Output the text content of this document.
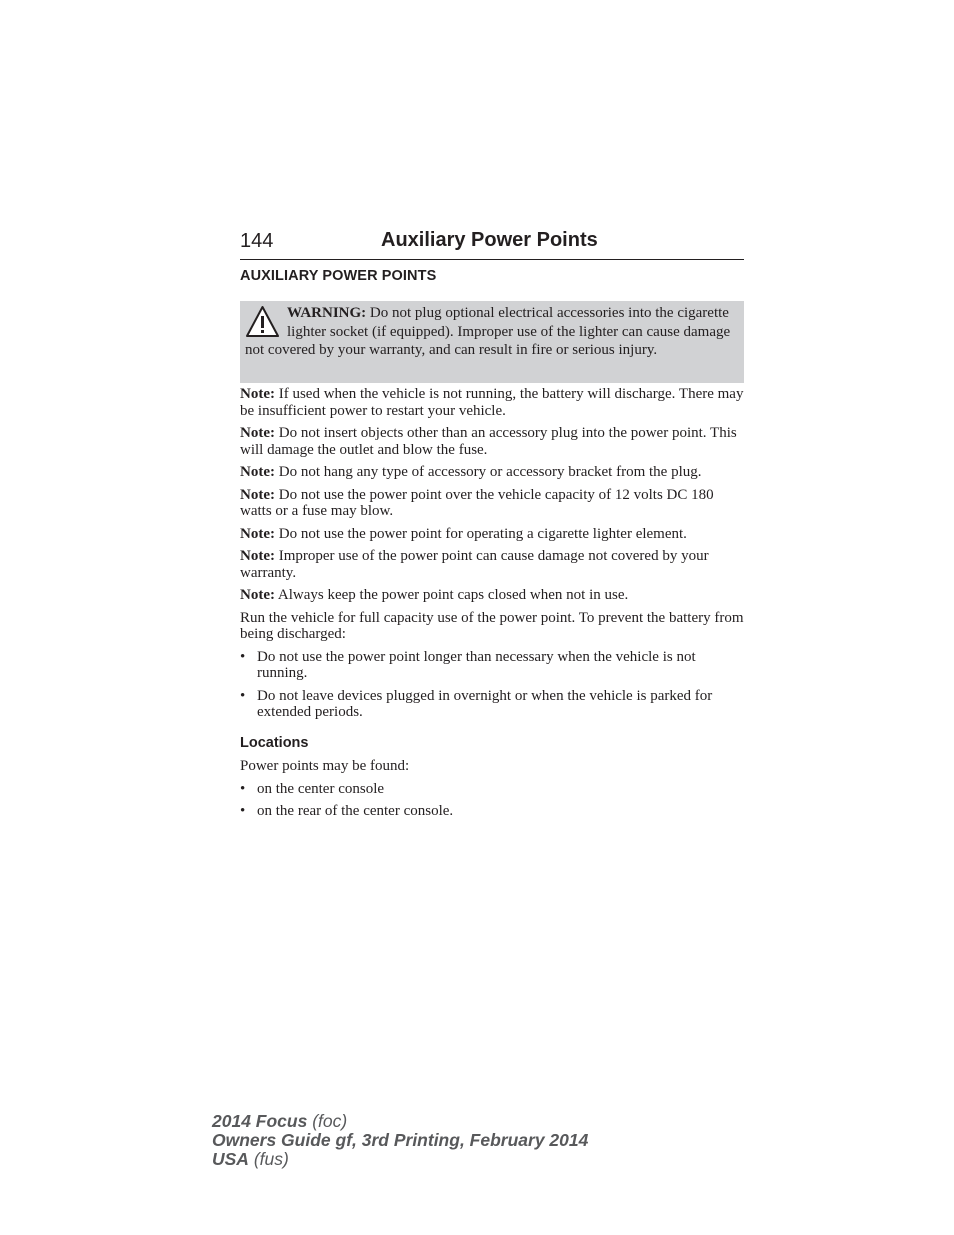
144	Auxiliary Power Points
AUXILIARY POWER POINTS
WARNING: Do not plug optional electrical accessories into the cigarette lighter socket (if equipped). Improper use of the lighter can cause damage not covered by your warranty, and can result in fire or serious injury.

Note: If used when the vehicle is not running, the battery will discharge. There may be insufficient power to restart your vehicle.

Note: Do not insert objects other than an accessory plug into the power point. This will damage the outlet and blow the fuse.

Note: Do not hang any type of accessory or accessory bracket from the plug.

Note: Do not use the power point over the vehicle capacity of 12 volts DC 180 watts or a fuse may blow.

Note: Do not use the power point for operating a cigarette lighter element.

Note: Improper use of the power point can cause damage not covered by your warranty.

Note: Always keep the power point caps closed when not in use.

Run the vehicle for full capacity use of the power point. To prevent the battery from being discharged:

• Do not use the power point longer than necessary when the vehicle is not running.
• Do not leave devices plugged in overnight or when the vehicle is parked for extended periods.
Locations

Power points may be found:

• on the center console
• on the rear of the center console.
2014 Focus (foc)
Owners Guide gf, 3rd Printing, February 2014
USA (fus)
